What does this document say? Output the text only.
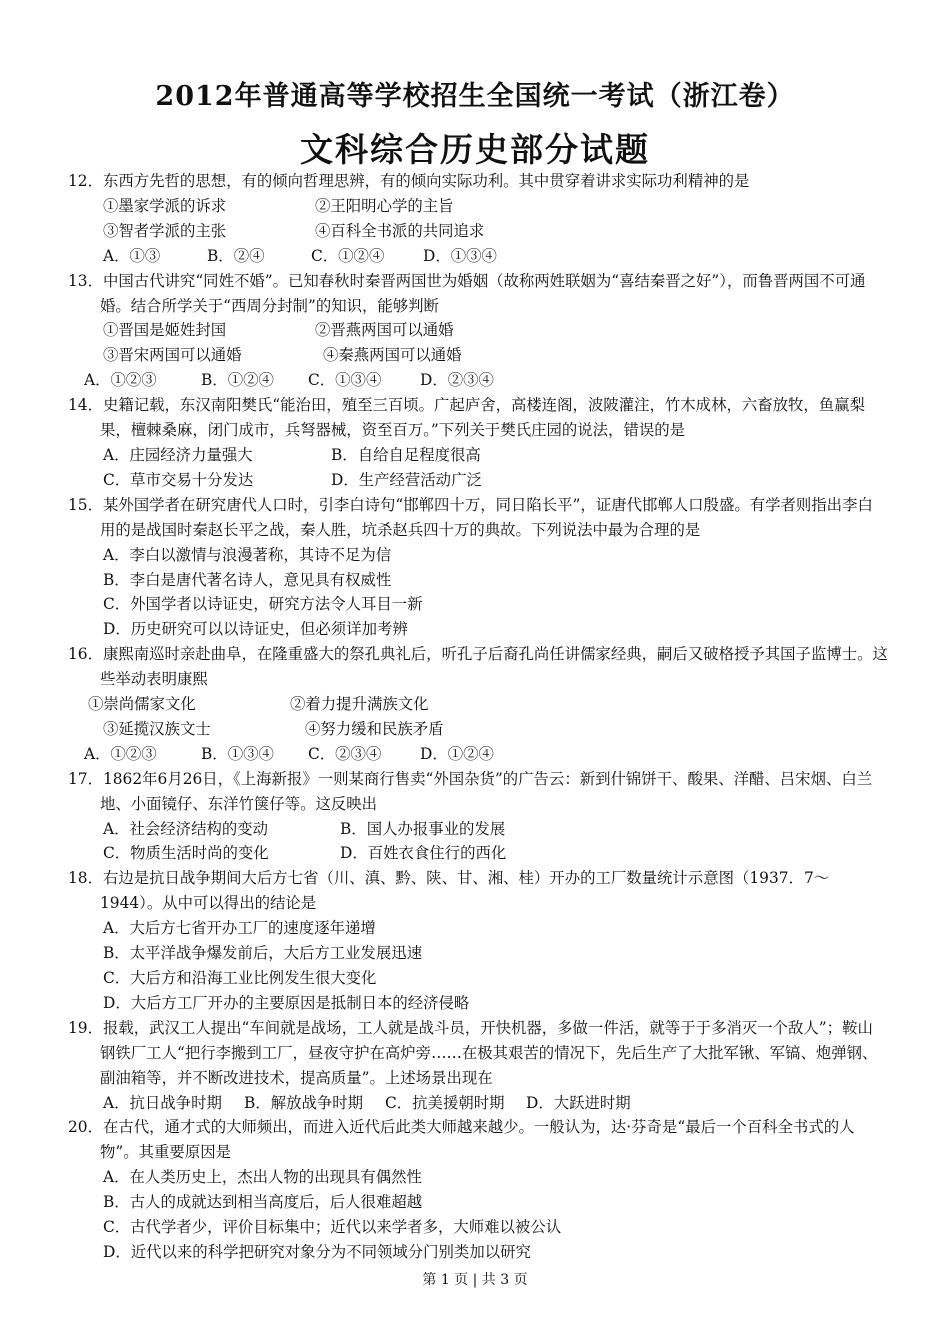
2012年普通高等学校招生全国统一考试（浙江卷）
文科综合历史部分试题
12．东西方先哲的思想，有的倾向哲理思辨，有的倾向实际功利。其中贯穿着讲求实际功利精神的是
①墨家学派的诉求	②王阳明心学的主旨
③智者学派的主张	④百科全书派的共同追求
A．①③	B．②④	C．①②④	D．①③④
13．中国古代讲究“同姓不婚”。已知春秋时秦晋两国世为婚姻（故称两姓联姻为“喜结秦晋之好”），而鲁晋两国不可通婚。结合所学关于“西周分封制”的知识，能够判断
①晋国是姬姓封国	②晋燕两国可以通婚
③晋宋两国可以通婚	④秦燕两国可以通婚
A．①②③	B．①②④ C．①③④	D．②③④
14．史籍记载，东汉南阳樊氏“能治田，殖至三百顷。广起庐舍，高楼连阁，波陂灌注，竹木成林，六畜放牧，鱼赢梨果，檀棘桑麻，闭门成市，兵弩器械，资至百万。”下列关于樊氏庄园的说法，错误的是
A．庄园经济力量强大	B．自给自足程度很高
C．草市交易十分发达	D．生产经营活动广泛
15．某外国学者在研究唐代人口时，引李白诗句“邯郸四十万，同日陷长平”，证唐代邯郸人口殷盛。有学者则指出李白用的是战国时秦赵长平之战，秦人胜，坑杀赵兵四十万的典故。下列说法中最为合理的是
A．李白以激情与浪漫著称，其诗不足为信
B．李白是唐代著名诗人，意见具有权威性
C．外国学者以诗证史，研究方法令人耳目一新
D．历史研究可以以诗证史，但必须详加考辨
16．康熙南巡时亲赴曲阜，在隆重盛大的祭孔典礼后，听孔子后裔孔尚任讲儒家经典，嗣后又破格授予其国子监博士。这些举动表明康熙
①崇尚儒家文化	②着力提升满族文化
③延揽汉族文士	④努力缓和民族矛盾
A．①②③	B．①③④ C．②③④	D．①②④
17．1862年6月26日，《上海新报》一则某商行售卖“外国杂货”的广告云：新到什锦饼干、酸果、洋醋、吕宋烟、白兰地、小面镜仔、东洋竹箧仔等。这反映出
A．社会经济结构的变动	B．国人办报事业的发展
C．物质生活时尚的变化	D．百姓衣食住行的西化
18．右边是抗日战争期间大后方七省（川、滇、黔、陕、甘、湘、桂）开办的工厂数量统计示意图（1937．7～1944）。从中可以得出的结论是
A．大后方七省开办工厂的速度逐年递增
B．太平洋战争爆发前后，大后方工业发展迅速
C．大后方和沿海工业比例发生很大变化
D．大后方工厂开办的主要原因是抵制日本的经济侵略
19．报载，武汉工人提出“车间就是战场，工人就是战斗员，开快机器，多做一件活，就等于于多消灭一个敌人”；鞍山钢铁厂工人“把行李搬到工厂，昼夜守护在高炉旁……在极其艰苦的情况下，先后生产了大批军锹、军镐、炮弹钢、副油箱等，并不断改进技术，提高质量”。上述场景出现在
A．抗日战争时期 B．解放战争时期 C．抗美援朝时期 D．大跃进时期
20．在古代，通才式的大师频出，而进入近代后此类大师越来越少。一般认为，达·芬奇是“最后一个百科全书式的人物”。其重要原因是
A．在人类历史上，杰出人物的出现具有偶然性
B．古人的成就达到相当高度后，后人很难超越
C．古代学者少，评价目标集中；近代以来学者多，大师难以被公认
D．近代以来的科学把研究对象分为不同领域分门别类加以研究
第 1 页 | 共 3 页
